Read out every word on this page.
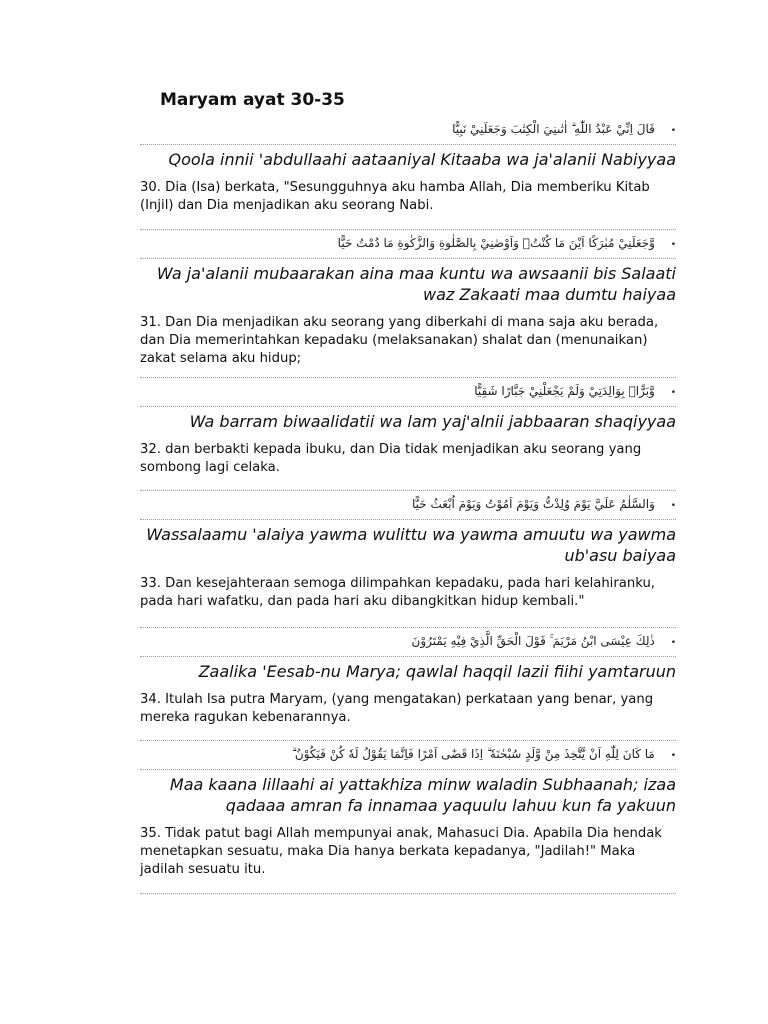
Maryam ayat 30-35
قَالَ اِنِّيْ عَبْدُ اللّٰهِ ۗ اٰتٰىنِيَ الْكِتٰبَ وَجَعَلَنِيْ نَبِيًّا •
Qoola innii 'abdullaahi aataaniyal Kitaaba wa ja'alanii Nabiyyaa
30. Dia (Isa) berkata, "Sesungguhnya aku hamba Allah, Dia memberiku Kitab (Injil) dan Dia menjadikan aku seorang Nabi.
وَّجَعَلَنِيْ مُبٰرَكًا اَيْنَ مَا كُنْتُۖ وَاَوْصٰنِيْ بِالصَّلٰوةِ وَالزَّكٰوةِ مَا دُمْتُ حَيًّا •
Wa ja'alanii mubaarakan aina maa kuntu wa awsaanii bis Salaati waz Zakaati maa dumtu haiyaa
31. Dan Dia menjadikan aku seorang yang diberkahi di mana saja aku berada, dan Dia memerintahkan kepadaku (melaksanakan) shalat dan (menunaikan) zakat selama aku hidup;
وَّبَرًّاۢ بِوَالِدَتِيْ وَلَمْ يَجْعَلْنِيْ جَبَّارًا شَقِيًّا •
Wa barram biwaalidatii wa lam yaj'alnii jabbaaran shaqiyyaa
32. dan berbakti kepada ibuku, dan Dia tidak menjadikan aku seorang yang sombong lagi celaka.
وَالسَّلٰمُ عَلَيَّ يَوْمَ وُلِدْتُّ وَيَوْمَ اَمُوْتُ وَيَوْمَ اُبْعَثُ حَيًّا •
Wassalaamu 'alaiya yawma wulittu wa yawma amuutu wa yawma ub'asu baiyaa
33. Dan kesejahteraan semoga dilimpahkan kepadaku, pada hari kelahiranku, pada hari wafatku, dan pada hari aku dibangkitkan hidup kembali."
ذٰلِكَ عِيْسَى ابْنُ مَرْيَمَ ۚ قَوْلَ الْحَقِّ الَّذِيْ فِيْهِ يَمْتَرُوْنَ •
Zaalika 'Eesab-nu Marya; qawlal haqqil lazii fiihi yamtaruun
34. Itulah Isa putra Maryam, (yang mengatakan) perkataan yang benar, yang mereka ragukan kebenarannya.
مَا كَانَ لِلّٰهِ اَنْ يَّتَّخِذَ مِنْ وَّلَدٍ سُبْحٰنَهٗ ۗ اِذَا قَضٰٓى اَمْرًا فَاِنَّمَا يَقُوْلُ لَهٗ كُنْ فَيَكُوْنُ ۗ •
Maa kaana lillaahi ai yattakhiza minw waladin Subhaanah; izaa qadaaa amran fa innamaa yaquulu lahuu kun fa yakuun
35. Tidak patut bagi Allah mempunyai anak, Mahasuci Dia. Apabila Dia hendak menetapkan sesuatu, maka Dia hanya berkata kepadanya, "Jadilah!" Maka jadilah sesuatu itu.
